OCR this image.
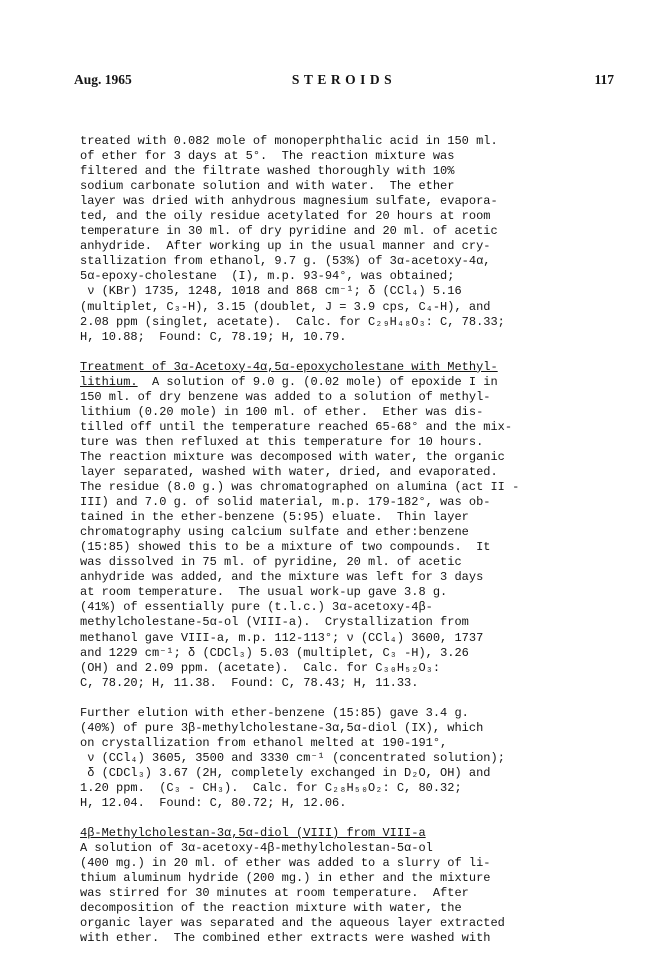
Aug. 1965	STEROIDS	117
treated with 0.082 mole of monoperphthalic acid in 150 ml.
of ether for 3 days at 5°.  The reaction mixture was
filtered and the filtrate washed thoroughly with 10%
sodium carbonate solution and with water.  The ether
layer was dried with anhydrous magnesium sulfate, evapora-
ted, and the oily residue acetylated for 20 hours at room
temperature in 30 ml. of dry pyridine and 20 ml. of acetic
anhydride.  After working up in the usual manner and cry-
stallization from ethanol, 9.7 g. (53%) of 3α-acetoxy-4α,
5α-epoxy-cholestane  (I), m.p. 93-94°, was obtained;
ν (KBr) 1735, 1248, 1018 and 868 cm⁻¹; δ (CCl₄) 5.16
(multiplet, C₃-H), 3.15 (doublet, J = 3.9 cps, C₄-H), and
2.08 ppm (singlet, acetate).  Calc. for C₂₉H₄₈O₃: C, 78.33;
H, 10.88;  Found: C, 78.19; H, 10.79.
Treatment of 3α-Acetoxy-4α,5α-epoxycholestane with Methyl-
lithium.  A solution of 9.0 g. (0.02 mole) of epoxide I in
150 ml. of dry benzene was added to a solution of methyl-
lithium (0.20 mole) in 100 ml. of ether.  Ether was dis-
tilled off until the temperature reached 65-68° and the mix-
ture was then refluxed at this temperature for 10 hours.
The reaction mixture was decomposed with water, the organic
layer separated, washed with water, dried, and evaporated.
The residue (8.0 g.) was chromatographed on alumina (act II -
III) and 7.0 g. of solid material, m.p. 179-182°, was ob-
tained in the ether-benzene (5:95) eluate.  Thin layer
chromatography using calcium sulfate and ether:benzene
(15:85) showed this to be a mixture of two compounds.  It
was dissolved in 75 ml. of pyridine, 20 ml. of acetic
anhydride was added, and the mixture was left for 3 days
at room temperature.  The usual work-up gave 3.8 g.
(41%) of essentially pure (t.l.c.) 3α-acetoxy-4β-
methylcholestane-5α-ol (VIII-a).  Crystallization from
methanol gave VIII-a, m.p. 112-113°; ν (CCl₄) 3600, 1737
and 1229 cm⁻¹; δ (CDCl₃) 5.03 (multiplet, C₃ -H), 3.26
(OH) and 2.09 ppm. (acetate).  Calc. for C₃₀H₅₂O₃:
C, 78.20; H, 11.38.  Found: C, 78.43; H, 11.33.
Further elution with ether-benzene (15:85) gave 3.4 g.
(40%) of pure 3β-methylcholestane-3α,5α-diol (IX), which
on crystallization from ethanol melted at 190-191°,
ν (CCl₄) 3605, 3500 and 3330 cm⁻¹ (concentrated solution);
δ (CDCl₃) 3.67 (2H, completely exchanged in D₂O, OH) and
1.20 ppm.  (C₃ - CH₃).  Calc. for C₂₈H₅₀O₂: C, 80.32;
H, 12.04.  Found: C, 80.72; H, 12.06.
4β-Methylcholestan-3α,5α-diol (VIII) from VIII-a
A solution of 3α-acetoxy-4β-methylcholestan-5α-ol
(400 mg.) in 20 ml. of ether was added to a slurry of li-
thium aluminum hydride (200 mg.) in ether and the mixture
was stirred for 30 minutes at room temperature.  After
decomposition of the reaction mixture with water, the
organic layer was separated and the aqueous layer extracted
with ether.  The combined ether extracts were washed with
